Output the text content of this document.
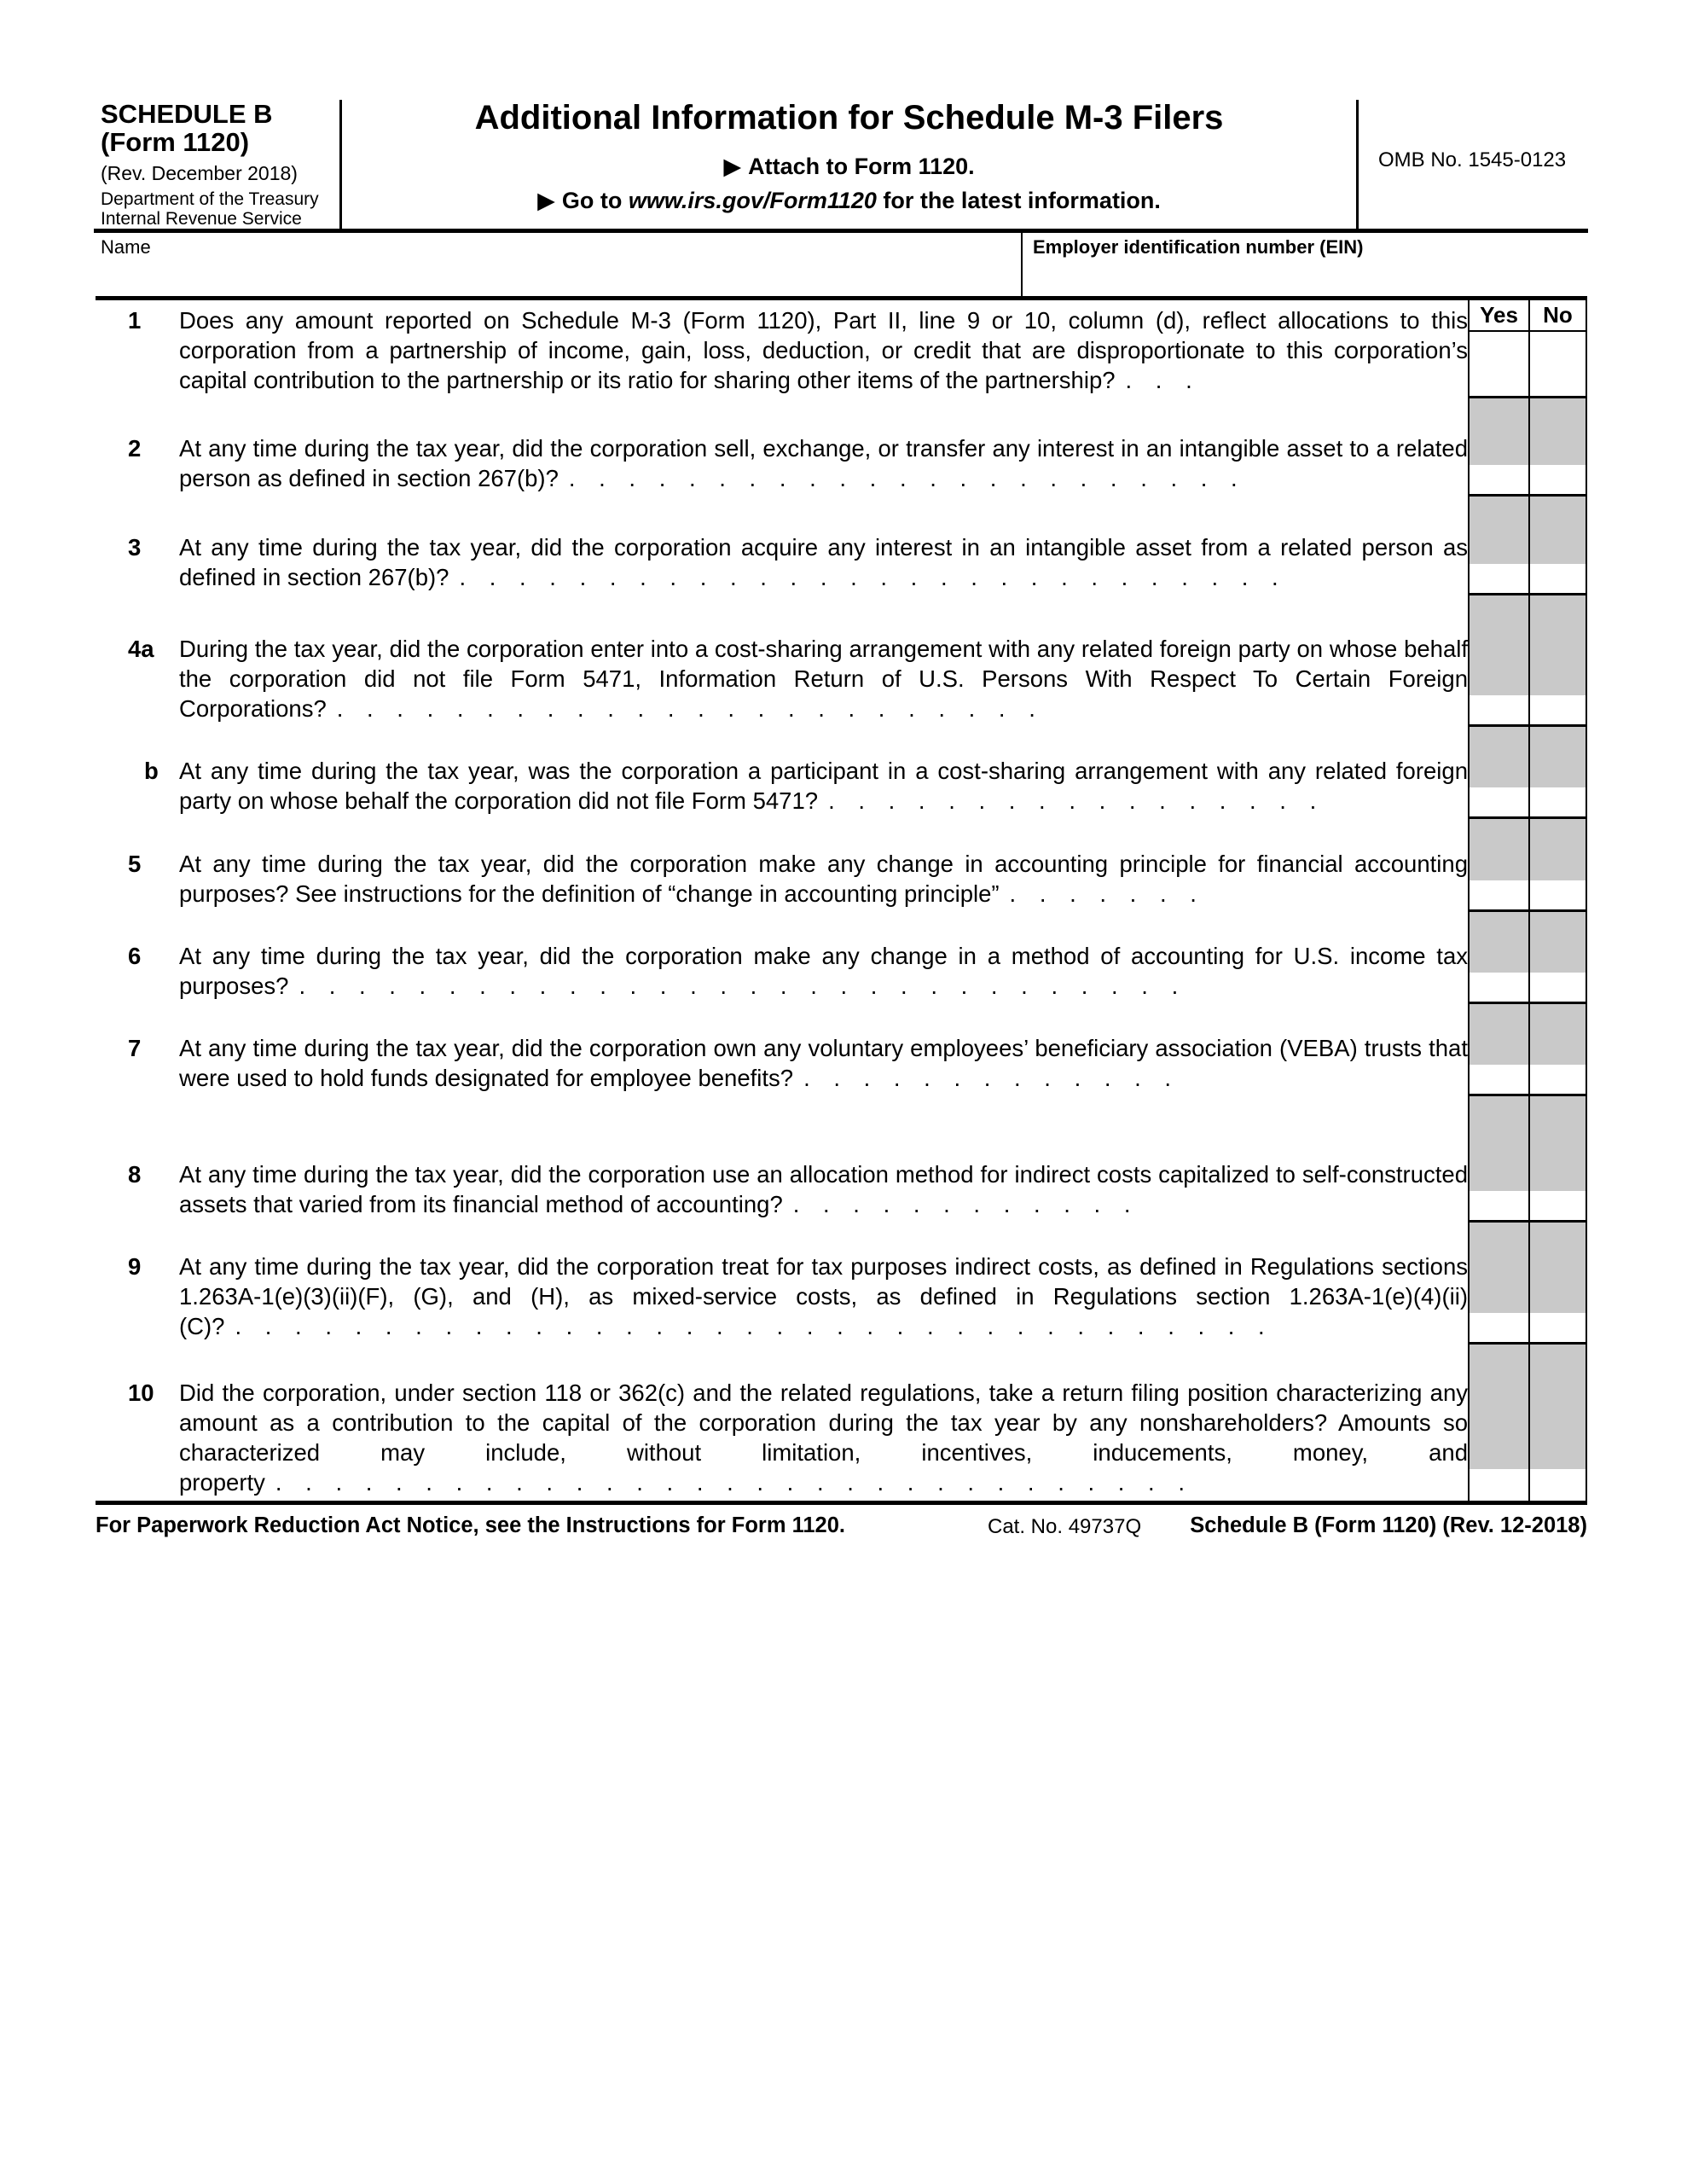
SCHEDULE B
(Form 1120)
(Rev. December 2018)
Department of the Treasury
Internal Revenue Service
Additional Information for Schedule M-3 Filers
▶ Attach to Form 1120.
▶ Go to www.irs.gov/Form1120 for the latest information.
OMB No. 1545-0123
Name	Employer identification number (EIN)
1	Does any amount reported on Schedule M-3 (Form 1120), Part II, line 9 or 10, column (d), reflect allocations to this corporation from a partnership of income, gain, loss, deduction, or credit that are disproportionate to this corporation’s capital contribution to the partnership or its ratio for sharing other items of the partnership? . . .
Yes	No
2	At any time during the tax year, did the corporation sell, exchange, or transfer any interest in an intangible asset to a related person as defined in section 267(b)? . . . . . . . . . . . . . . . . . . . . . . .
3	At any time during the tax year, did the corporation acquire any interest in an intangible asset from a related person as defined in section 267(b)? . . . . . . . . . . . . . . . . . . . . . . . . . . . .
4a	During the tax year, did the corporation enter into a cost-sharing arrangement with any related foreign party on whose behalf the corporation did not file Form 5471, Information Return of U.S. Persons With Respect To Certain Foreign Corporations? . . . . . . . . . . . . . . . . . . . . . . . .
b At any time during the tax year, was the corporation a participant in a cost-sharing arrangement with any related foreign party on whose behalf the corporation did not file Form 5471? . . . . . . . . . . . . . . . . .
5	At any time during the tax year, did the corporation make any change in accounting principle for financial accounting purposes? See instructions for the definition of “change in accounting principle” . . . . . . .
6	At any time during the tax year, did the corporation make any change in a method of accounting for U.S. income tax purposes? . . . . . . . . . . . . . . . . . . . . . . . . . . . . . .
7	At any time during the tax year, did the corporation own any voluntary employees’ beneficiary association (VEBA) trusts that were used to hold funds designated for employee benefits? . . . . . . . . . . . . .
8	At any time during the tax year, did the corporation use an allocation method for indirect costs capitalized to self-constructed assets that varied from its financial method of accounting? . . . . . . . . . . . .
9	At any time during the tax year, did the corporation treat for tax purposes indirect costs, as defined in Regulations sections 1.263A-1(e)(3)(ii)(F), (G), and (H), as mixed-service costs, as defined in Regulations section 1.263A-1(e)(4)(ii)(C)? . . . . . . . . . . . . . . . . . . . . . . . . . . . . . . . . . . .
10	Did the corporation, under section 118 or 362(c) and the related regulations, take a return filing position characterizing any amount as a contribution to the capital of the corporation during the tax year by any nonshareholders? Amounts so characterized may include, without limitation, incentives, inducements, money, and property . . . . . . . . . . . . . . . . . . . . . . . . . . . . . . .
For Paperwork Reduction Act Notice, see the Instructions for Form 1120.	Cat. No. 49737Q Schedule B (Form 1120) (Rev. 12-2018)
